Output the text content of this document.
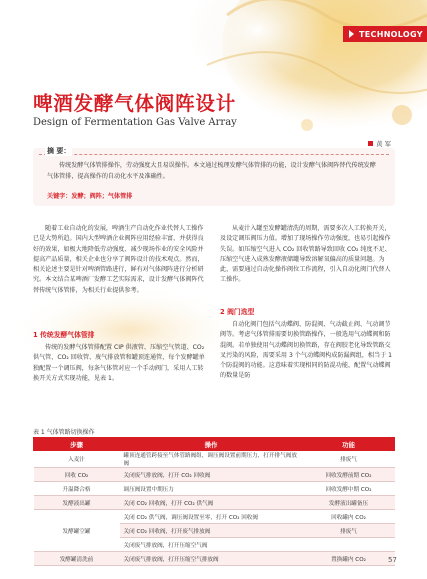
TECHNOLOGY
啤酒发酵气体阀阵设计
Design of Fermentation Gas Valve Array
黄 军
摘 要：
传统发酵气体管排操作，劳动强度大且易误操作。本文通过梳理发酵气体管排的功能，设计发酵气体阀阵替代传统发酵气体管排，提高操作的自动化水平及准确性。
关键字：发酵；阀阵；气体管排

随着工业自动化的发展，啤酒生产自动化作业代替人工操作已是大势所趋。国内大型啤酒企业阀阵应用经验丰富，并获得良好的效果，如极大地降低劳动强度、减少现场作业的安全风险并提高产品质量，相关企业也分享了阀阵设计的技术观点。然而，相关论述主要是针对啤酒管路进行，鲜有对气体阀阵进行分析研究。本文结合某啤酒厂发酵工艺实际需求，设计发酵气体阀阵代替传统气体管排，为相关行业提供参考。

1 传统发酵气体管排

传统的发酵气体管排配置 CIP 供液管、压缩空气管道、CO₂ 供气管、CO₂ 回收管、废气排放管和罐顶连通管，每个发酵罐单独配置一个调压阀，每条气体管对应一个手动阀门，采用人工转换开关方式实现功能，见表 1。

从麦汁入罐至发酵罐清洗的周期，需要多次人工转换开关，及设定调压阀压力值。增加了现场操作劳动强度，也易引起操作失误。如压缩空气进入 CO₂ 回收管路导致回收 CO₂ 纯度不足、压缩空气进入成熟发酵液储罐导致溶解氧偏高的质量问题。为此，需要通过自动化操作阀位工作流程，引入自动化阀门代替人工操作。

2 阀门选型

自动化阀门包括气动蝶阀、防混阀、气动截止阀、气动调节阀等。考虑气体管排需要切换管路操作，一般选用气动蝶阀和防混阀。若单独使用气动蝶阀切换管路，存在阀胶老化导致管路交叉污染的风险，需要采用 3 个气动蝶阀构成防漏阀组，相当于 1 个防混阀的功能。这意味着实现相同的防混功能，配置气动蝶阀的数量是防

表 1 气体管路切换操作
步骤	操作	功能
入麦汁	罐顶连通管跨接至气体管路阀组，调压阀设置前期压力，打开排气阀放阀	排废气
回收 CO₂	关闭废气排放阀，打开 CO₂ 回收阀	回收发酵前期 CO₂
升温降合格	调压阀设置中期压力	回收发酵中期 CO₂
发酵液出罐	关闭 CO₂ 回收阀，打开 CO₂ 供气阀	发酵液出罐备压
发酵罐空罐	关闭 CO₂ 供气阀，调压阀设置至零，打开 CO₂ 回收阀	回收罐内 CO₂
	关闭 CO₂ 回收阀，打开废气排放阀	排废气
	关闭废气排放阀，打开压缩空气阀	
发酵罐清洗前	关闭废气排放阀，打开压缩空气排放阀	置换罐内 CO₂	57
